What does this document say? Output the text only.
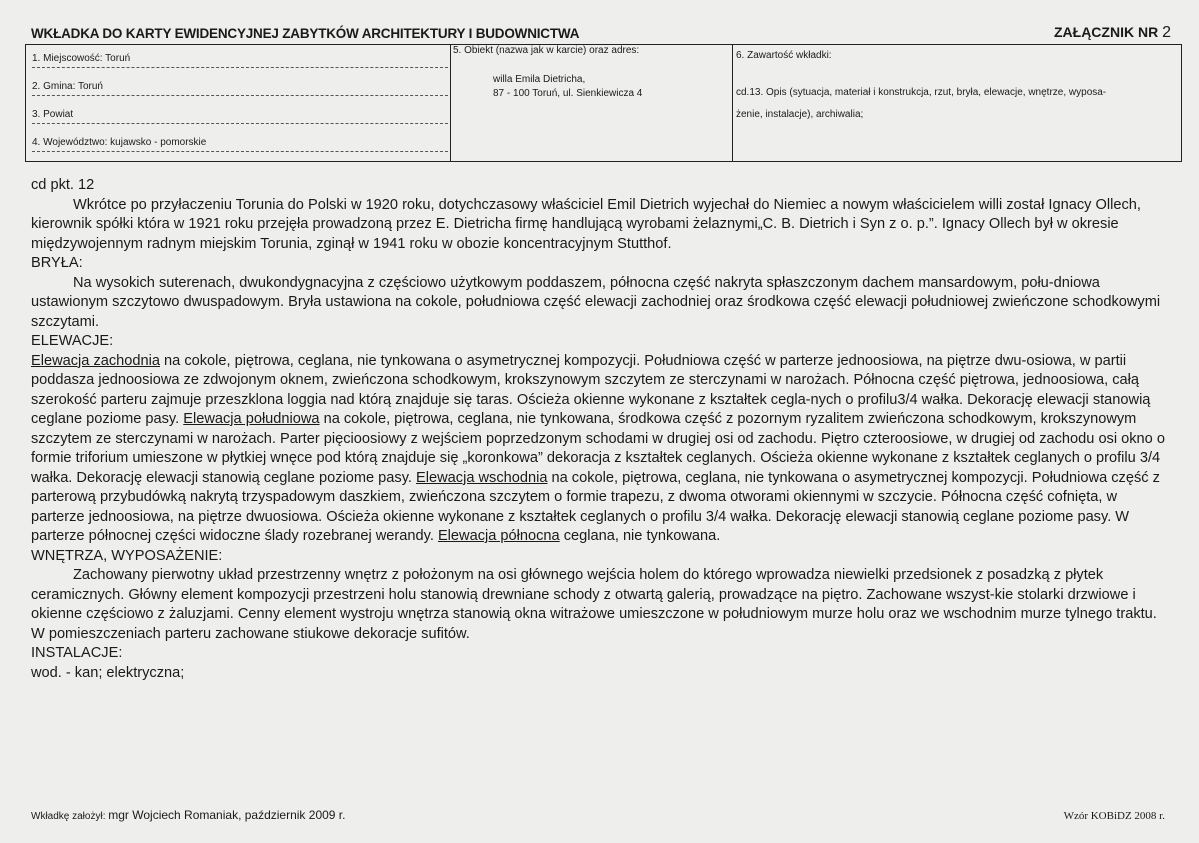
WKŁADKA DO KARTY EWIDENCYJNEJ ZABYTKÓW ARCHITEKTURY I BUDOWNICTWA	ZAŁĄCZNIK NR 2
1. Miejscowość: Toruń
2. Gmina: Toruń
3. Powiat
4. Województwo: kujawsko - pomorskie
5. Obiekt (nazwa jak w karcie) oraz adres:
willa Emila Dietricha,
87 - 100 Toruń, ul. Sienkiewicza 4
6. Zawartość wkładki:
cd.13. Opis (sytuacja, materiał i konstrukcja, rzut, bryła, elewacje, wnętrze, wyposa-
żenie, instalacje), archiwalia;

cd pkt. 12

Wkrótce po przyłaczeniu Torunia do Polski w 1920 roku, dotychczasowy właściciel Emil Dietrich wyjechał do Niemiec a nowym właścicielem willi został Ignacy Ollech, kierownik spółki która w 1921 roku przejęła prowadzoną przez E. Dietricha firmę handlującą wyrobami żelaznymi„C. B. Dietrich i Syn z o. p.”. Ignacy Ollech był w okresie międzywojennym radnym miejskim Torunia, zginął w 1941 roku w obozie koncentracyjnym Stutthof.

BRYŁA:

Na wysokich suterenach, dwukondygnacyjna z częściowo użytkowym poddaszem, północna część nakryta spłaszczonym dachem mansardowym, połu-dniowa ustawionym szczytowo dwuspadowym. Bryła ustawiona na cokole, południowa część elewacji zachodniej oraz środkowa część elewacji południowej zwieńczone schodkowymi szczytami.

ELEWACJE:

Elewacja zachodnia na cokole, piętrowa, ceglana, nie tynkowana o asymetrycznej kompozycji. Południowa część w parterze jednoosiowa, na piętrze dwu-osiowa, w partii poddasza jednoosiowa ze zdwojonym oknem, zwieńczona schodkowym, krokszynowym szczytem ze sterczynami w narożach. Północna część piętrowa, jednoosiowa, całą szerokość parteru zajmuje przeszklona loggia nad którą znajduje się taras. Ościeża okienne wykonane z kształtek cegla-nych o profilu3/4 wałka. Dekorację elewacji stanowią ceglane poziome pasy. Elewacja południowa na cokole, piętrowa, ceglana, nie tynkowana, środkowa część z pozornym ryzalitem zwieńczona schodkowym, krokszynowym szczytem ze sterczynami w narożach. Parter pięcioosiowy z wejściem poprzedzonym schodami w drugiej osi od zachodu. Piętro czteroosiowe, w drugiej od zachodu osi okno o formie triforium umieszone w płytkiej wnęce pod którą znajduje się „koronkowa” dekoracja z kształtek ceglanych. Ościeża okienne wykonane z kształtek ceglanych o profilu 3/4 wałka. Dekorację elewacji stanowią ceglane poziome pasy. Elewacja wschodnia na cokole, piętrowa, ceglana, nie tynkowana o asymetrycznej kompozycji. Południowa część z parterową przybudówką nakrytą trzyspadowym daszkiem, zwieńczona szczytem o formie trapezu, z dwoma otworami okiennymi w szczycie. Północna część cofnięta, w parterze jednoosiowa, na piętrze dwuosiowa. Ościeża okienne wykonane z kształtek ceglanych o profilu 3/4 wałka. Dekorację elewacji stanowią ceglane poziome pasy. W parterze północnej części widoczne ślady rozebranej werandy. Elewacja północna ceglana, nie tynkowana.

WNĘTRZA, WYPOSAŻENIE:

Zachowany pierwotny układ przestrzenny wnętrz z położonym na osi głównego wejścia holem do którego wprowadza niewielki przedsionek z posadzką z płytek ceramicznych. Główny element kompozycji przestrzeni holu stanowią drewniane schody z otwartą galerią, prowadzące na piętro. Zachowane wszyst-kie stolarki drzwiowe i okienne częściowo z żaluzjami. Cenny element wystroju wnętrza stanowią okna witrażowe umieszczone w południowym murze holu oraz we wschodnim murze tylnego traktu. W pomieszczeniach parteru zachowane stiukowe dekoracje sufitów.

INSTALACJE:

wod. - kan; elektryczna;

Wkładkę założył: mgr Wojciech Romaniak, październik 2009 r.	Wzór KOBiDZ 2008 r.
